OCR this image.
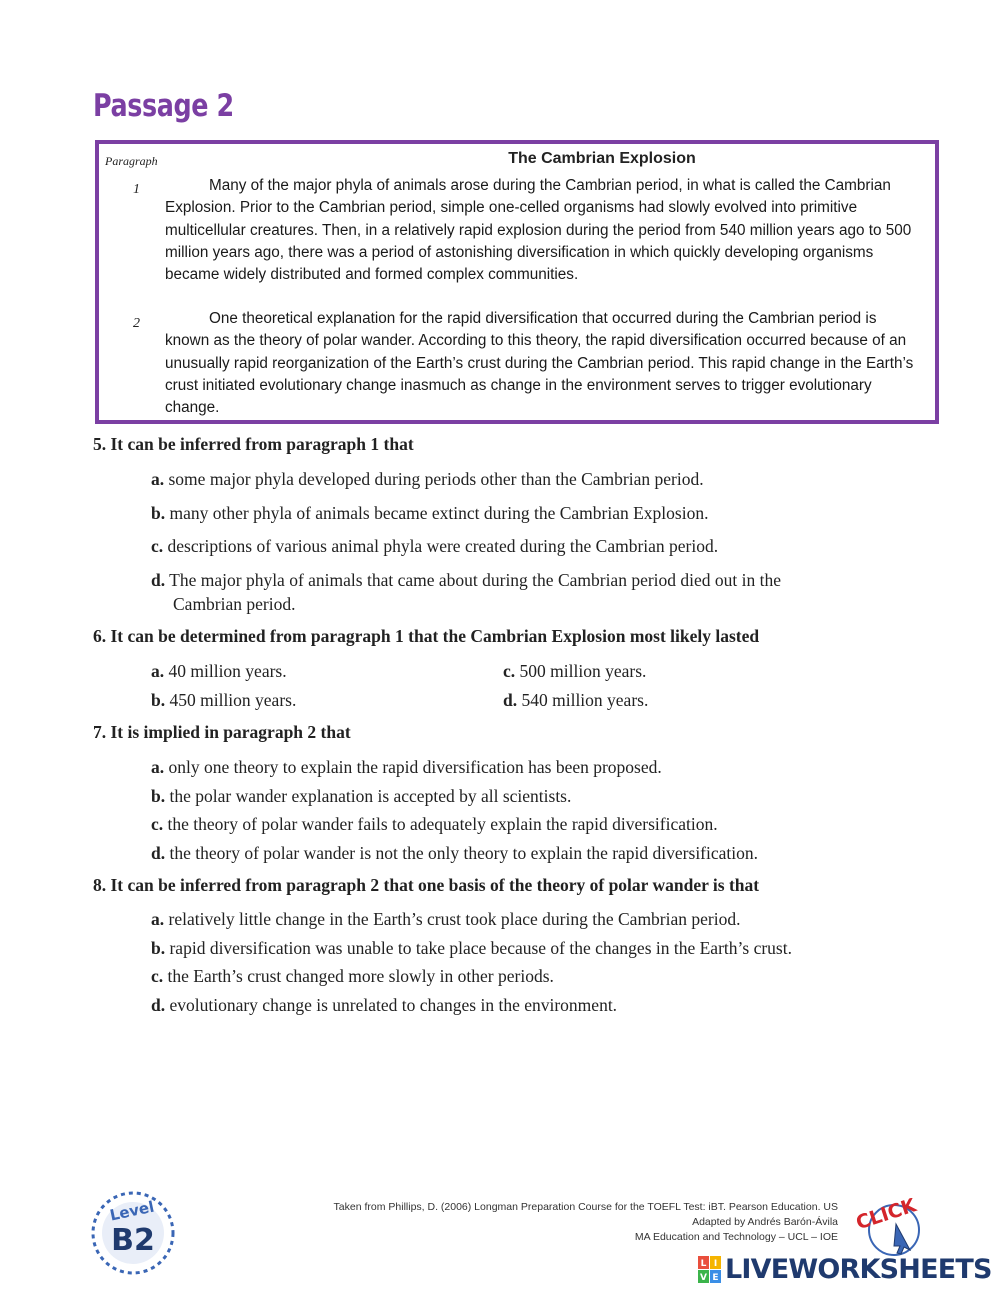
Passage 2
Paragraph	The Cambrian Explosion
1	Many of the major phyla of animals arose during the Cambrian period, in what is called the Cambrian Explosion. Prior to the Cambrian period, simple one-celled organisms had slowly evolved into primitive multicellular creatures. Then, in a relatively rapid explosion during the period from 540 million years ago to 500 million years ago, there was a period of astonishing diversification in which quickly developing organisms became widely distributed and formed complex communities.
2	One theoretical explanation for the rapid diversification that occurred during the Cambrian period is known as the theory of polar wander. According to this theory, the rapid diversification occurred because of an unusually rapid reorganization of the Earth’s crust during the Cambrian period. This rapid change in the Earth’s crust initiated evolutionary change inasmuch as change in the environment serves to trigger evolutionary change.
5. It can be inferred from paragraph 1 that
a. some major phyla developed during periods other than the Cambrian period.
b. many other phyla of animals became extinct during the Cambrian Explosion.
c. descriptions of various animal phyla were created during the Cambrian period.
d. The major phyla of animals that came about during the Cambrian period died out in the
Cambrian period.
6. It can be determined from paragraph 1 that the Cambrian Explosion most likely lasted
a. 40 million years.
b. 450 million years.
c. 500 million years.
d. 540 million years.
7. It is implied in paragraph 2 that
a. only one theory to explain the rapid diversification has been proposed.
b. the polar wander explanation is accepted by all scientists.
c. the theory of polar wander fails to adequately explain the rapid diversification.
d. the theory of polar wander is not the only theory to explain the rapid diversification.
8. It can be inferred from paragraph 2 that one basis of the theory of polar wander is that
a. relatively little change in the Earth’s crust took place during the Cambrian period.
b. rapid diversification was unable to take place because of the changes in the Earth’s crust.
c. the Earth’s crust changed more slowly in other periods.
d. evolutionary change is unrelated to changes in the environment.
Level
B2
Taken from Phillips, D. (2006) Longman Preparation Course for the TOEFL Test: iBT. Pearson Education. US
Adapted by Andrés Barón-Ávila
MA Education and Technology – UCL – IOE
CLICK
L I
V E LIVEWORKSHEETS
